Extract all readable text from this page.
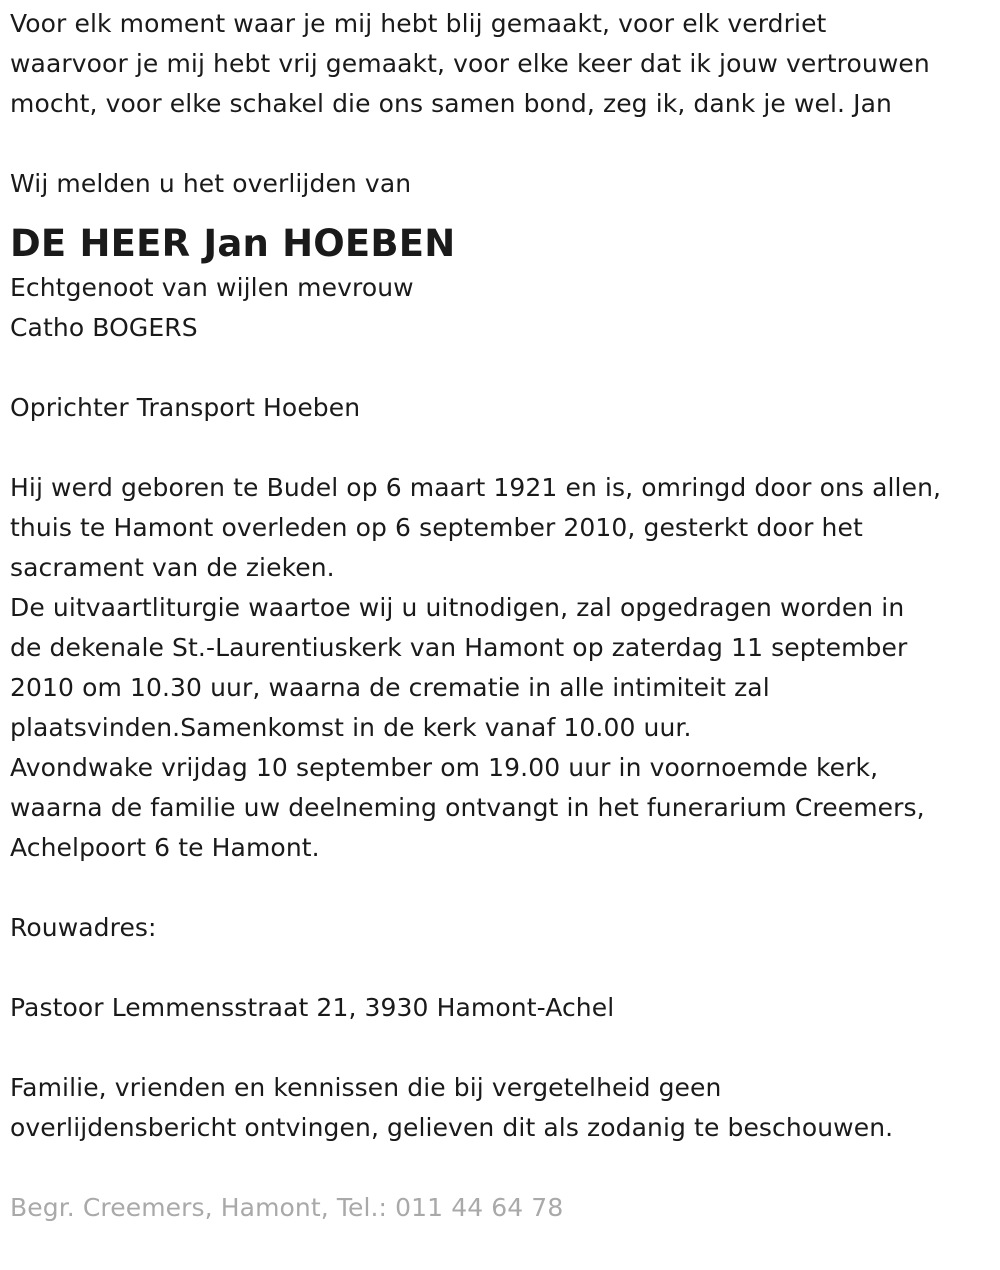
Voor elk moment waar je mij hebt blij gemaakt, voor elk verdriet
waarvoor je mij hebt vrij gemaakt, voor elke keer dat ik jouw vertrouwen
mocht, voor elke schakel die ons samen bond, zeg ik, dank je wel. Jan
Wij melden u het overlijden van
DE HEER Jan HOEBEN
Echtgenoot van wijlen mevrouw
Catho BOGERS
Oprichter Transport Hoeben
Hij werd geboren te Budel op 6 maart 1921 en is, omringd door ons allen,
thuis te Hamont overleden op 6 september 2010, gesterkt door het
sacrament van de zieken.
De uitvaartliturgie waartoe wij u uitnodigen, zal opgedragen worden in
de dekenale St.-Laurentiuskerk van Hamont op zaterdag 11 september
2010 om 10.30 uur, waarna de crematie in alle intimiteit zal
plaatsvinden.Samenkomst in de kerk vanaf 10.00 uur.
Avondwake vrijdag 10 september om 19.00 uur in voornoemde kerk,
waarna de familie uw deelneming ontvangt in het funerarium Creemers,
Achelpoort 6 te Hamont.
Rouwadres:
Pastoor Lemmensstraat 21, 3930 Hamont-Achel
Familie, vrienden en kennissen die bij vergetelheid geen
overlijdensbericht ontvingen, gelieven dit als zodanig te beschouwen.
Begr. Creemers, Hamont, Tel.: 011 44 64 78
